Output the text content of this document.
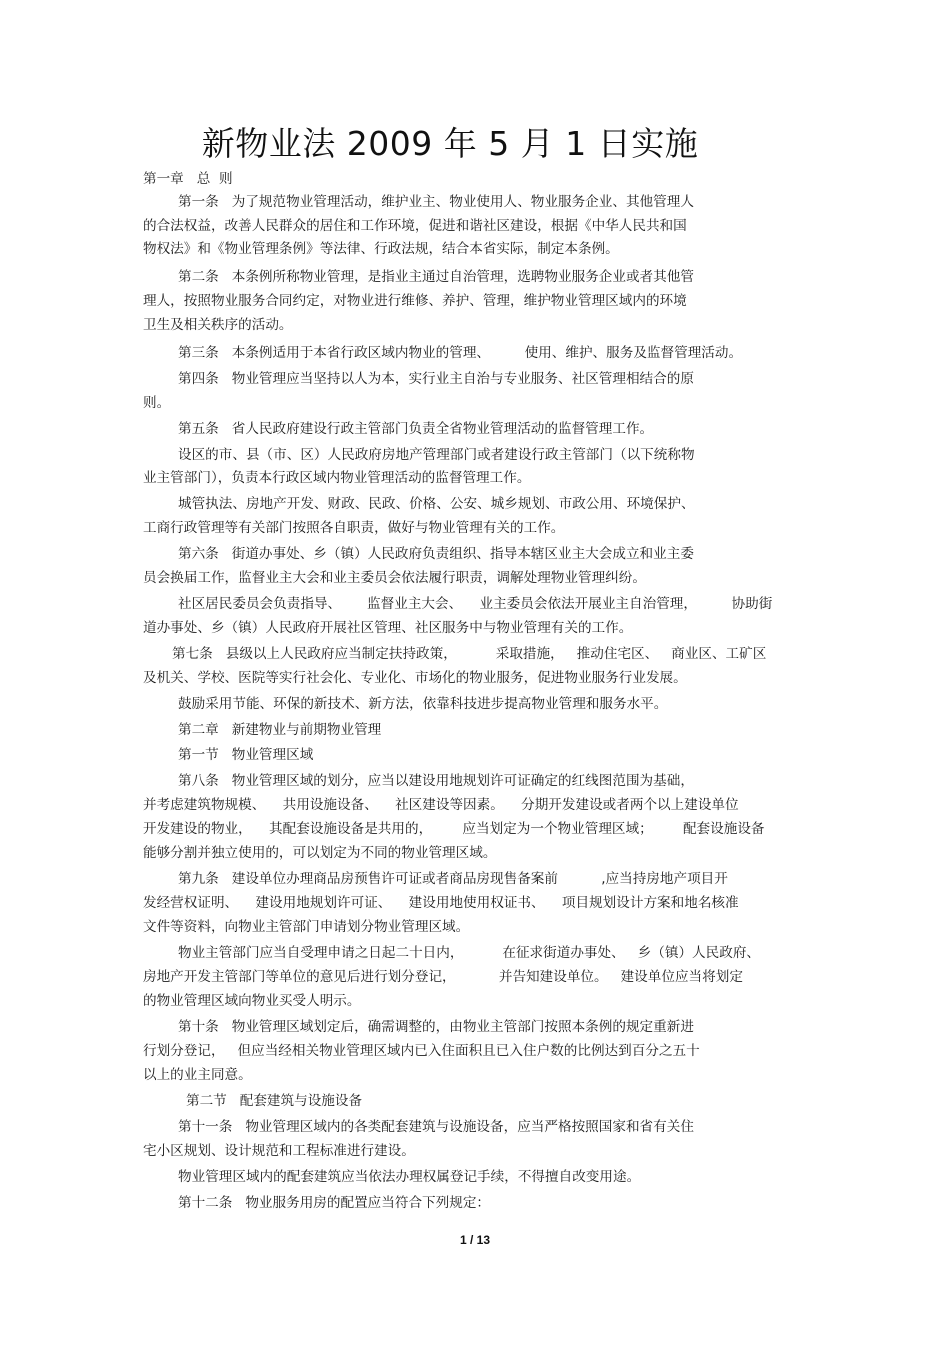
新物业法 2009 年 5 月 1 日实施
第一章   总  则
第一条   为了规范物业管理活动，维护业主、物业使用人、物业服务企业、其他管理人
的合法权益，改善人民群众的居住和工作环境，促进和谐社区建设，根据《中华人民共和国
物权法》和《物业管理条例》等法律、行政法规，结合本省实际，制定本条例。
第二条   本条例所称物业管理，是指业主通过自治管理，选聘物业服务企业或者其他管
理人，按照物业服务合同约定，对物业进行维修、养护、管理，维护物业管理区域内的环境
卫生及相关秩序的活动。
第三条   本条例适用于本省行政区域内物业的管理、        使用、维护、服务及监督管理活动。
第四条   物业管理应当坚持以人为本，实行业主自治与专业服务、社区管理相结合的原
则。
第五条   省人民政府建设行政主管部门负责全省物业管理活动的监督管理工作。
设区的市、县（市、区）人民政府房地产管理部门或者建设行政主管部门（以下统称物
业主管部门），负责本行政区域内物业管理活动的监督管理工作。
城管执法、房地产开发、财政、民政、价格、公安、城乡规划、市政公用、环境保护、
工商行政管理等有关部门按照各自职责，做好与物业管理有关的工作。
第六条   街道办事处、乡（镇）人民政府负责组织、指导本辖区业主大会成立和业主委
员会换届工作，监督业主大会和业主委员会依法履行职责，调解处理物业管理纠纷。
社区居民委员会负责指导、      监督业主大会、    业主委员会依法开展业主自治管理，        协助街
道办事处、乡（镇）人民政府开展社区管理、社区服务中与物业管理有关的工作。
第七条   县级以上人民政府应当制定扶持政策，         采取措施，   推动住宅区、   商业区、工矿区
及机关、学校、医院等实行社会化、专业化、市场化的物业服务，促进物业服务行业发展。
鼓励采用节能、环保的新技术、新方法，依靠科技进步提高物业管理和服务水平。
第二章   新建物业与前期物业管理
第一节   物业管理区域
第八条   物业管理区域的划分，应当以建设用地规划许可证确定的红线图范围为基础，
并考虑建筑物规模、    共用设施设备、    社区建设等因素。    分期开发建设或者两个以上建设单位
开发建设的物业，    其配套设施设备是共用的，       应当划定为一个物业管理区域；       配套设施设备
能够分割并独立使用的，可以划定为不同的物业管理区域。
第九条   建设单位办理商品房预售许可证或者商品房现售备案前          ,应当持房地产项目开
发经营权证明、    建设用地规划许可证、    建设用地使用权证书、    项目规划设计方案和地名核准
文件等资料，向物业主管部门申请划分物业管理区域。
物业主管部门应当自受理申请之日起二十日内，         在征求街道办事处、   乡（镇）人民政府、
房地产开发主管部门等单位的意见后进行划分登记，          并告知建设单位。   建设单位应当将划定
的物业管理区域向物业买受人明示。
第十条   物业管理区域划定后，确需调整的，由物业主管部门按照本条例的规定重新进
行划分登记，   但应当经相关物业管理区域内已入住面积且已入住户数的比例达到百分之五十
以上的业主同意。
第二节   配套建筑与设施设备
第十一条   物业管理区域内的各类配套建筑与设施设备，应当严格按照国家和省有关住
宅小区规划、设计规范和工程标准进行建设。
物业管理区域内的配套建筑应当依法办理权属登记手续，不得擅自改变用途。
第十二条   物业服务用房的配置应当符合下列规定：
1 / 13
